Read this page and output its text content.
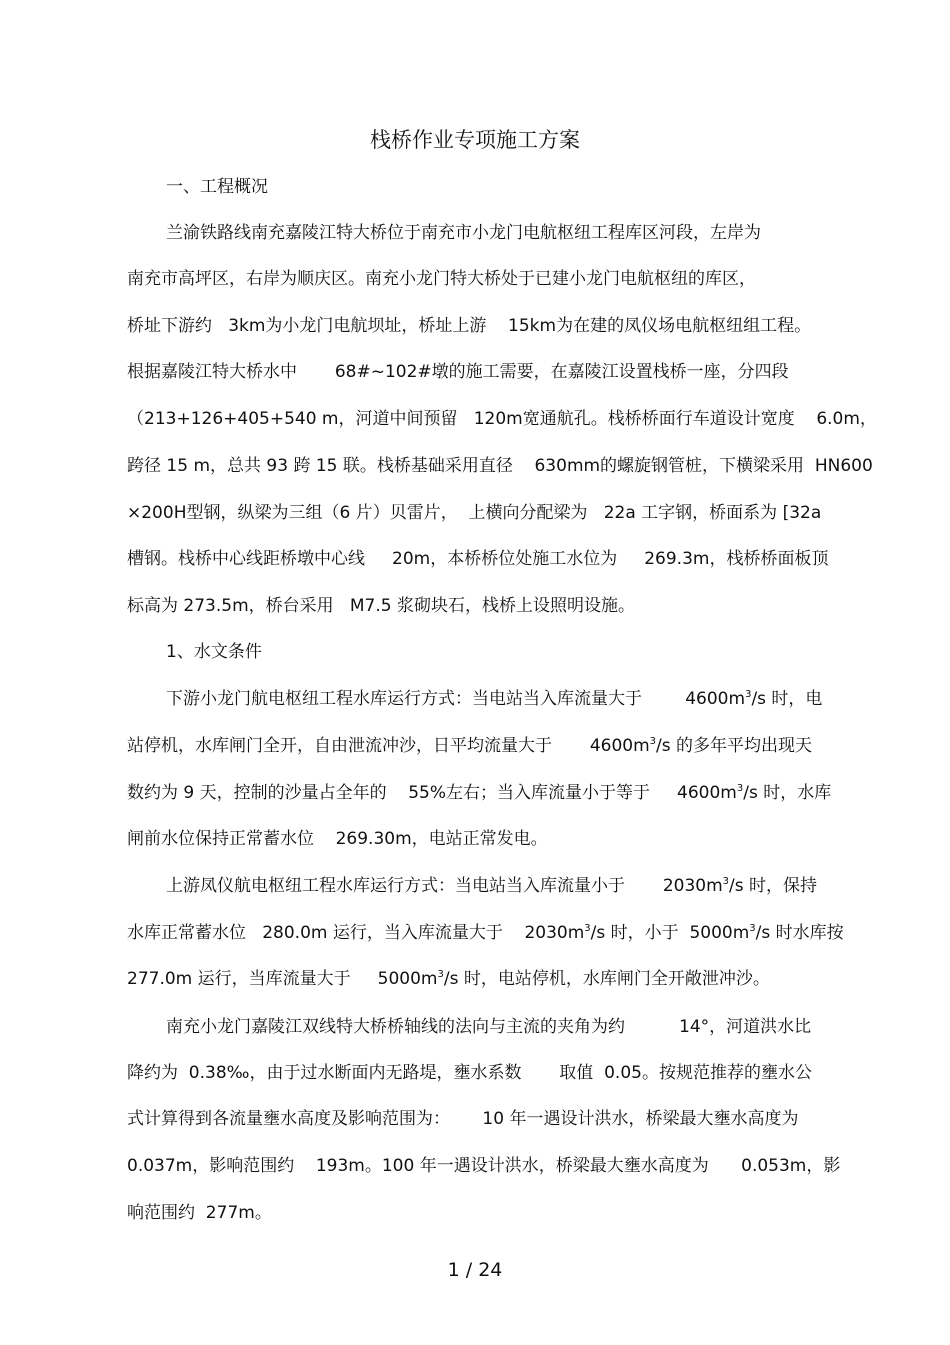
栈桥作业专项施工方案
一、工程概况
兰渝铁路线南充嘉陵江特大桥位于南充市小龙门电航枢纽工程库区河段，左岸为
南充市高坪区，右岸为顺庆区。南充小龙门特大桥处于已建小龙门电航枢纽的库区，
桥址下游约   3km为小龙门电航坝址，桥址上游    15km为在建的凤仪场电航枢纽组工程。
根据嘉陵江特大桥水中       68#~102#墩的施工需要，在嘉陵江设置栈桥一座，分四段
（213+126+405+540 m，河道中间预留   120m宽通航孔。栈桥桥面行车道设计宽度    6.0m，
跨径 15 m，总共 93 跨 15 联。栈桥基础采用直径    630mm的螺旋钢管桩，下横梁采用  HN600
×200H型钢，纵梁为三组（6 片）贝雷片，  上横向分配梁为   22a 工字钢，桥面系为 [32a
槽钢。栈桥中心线距桥墩中心线     20m，本桥桥位处施工水位为     269.3m，栈桥桥面板顶
标高为 273.5m，桥台采用   M7.5 浆砌块石，栈桥上设照明设施。
1、水文条件
下游小龙门航电枢纽工程水库运行方式：当电站当入库流量大于        $4600m^3/s$ 时，电
站停机，水库闸门全开，自由泄流冲沙，日平均流量大于       $4600m^3/s$ 的多年平均出现天
数约为 9 天，控制的沙量占全年的    55%左右；当入库流量小于等于     $4600m^3/s$ 时，水库
闸前水位保持正常蓄水位    269.30m，电站正常发电。
上游凤仪航电枢纽工程水库运行方式：当电站当入库流量小于       $2030m^3/s$ 时，保持
水库正常蓄水位   280.0m 运行，当入库流量大于    $2030m^3/s$ 时，小于  $5000m^3/s$ 时水库按
277.0m 运行，当库流量大于     $5000m^3/s$ 时，电站停机，水库闸门全开敞泄冲沙。
南充小龙门嘉陵江双线特大桥桥轴线的法向与主流的夹角为约          14°，河道洪水比
降约为  0.38‰，由于过水断面内无路堤，壅水系数       取值  0.05。按规范推荐的壅水公
式计算得到各流量壅水高度及影响范围为：      10 年一遇设计洪水，桥梁最大壅水高度为
0.037m，影响范围约    193m。100 年一遇设计洪水，桥梁最大壅水高度为      0.053m，影
响范围约  277m。
1 / 24
